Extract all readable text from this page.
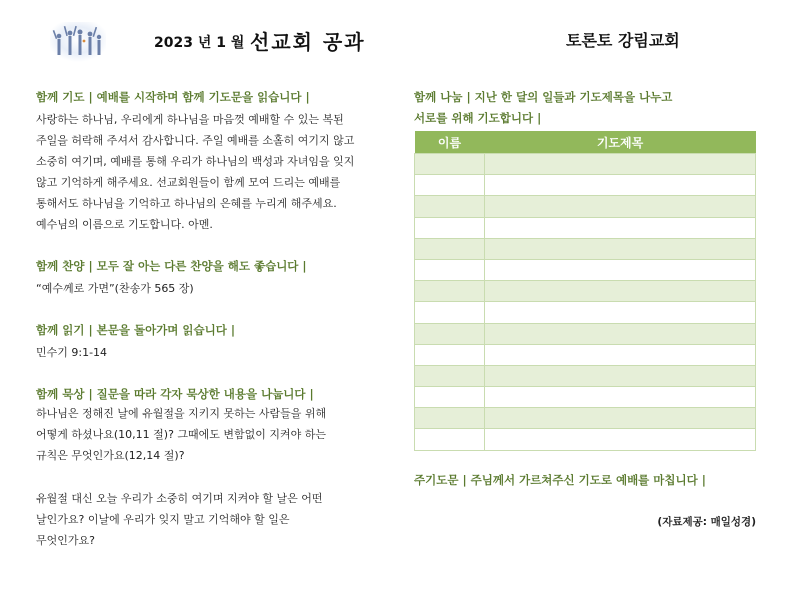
2023 년 1 월 선교회 공과	토론토 강림교회

함께 기도 | 예배를 시작하며 함께 기도문을 읽습니다 |

사랑하는 하나님, 우리에게 하나님을 마음껏 예배할 수 있는 복된

주일을 허락해 주셔서 감사합니다. 주일 예배를 소홀히 여기지 않고

소중히 여기며, 예배를 통해 우리가 하나님의 백성과 자녀임을 잊지

않고 기억하게 해주세요. 선교회원들이 함께 모여 드리는 예배를

통해서도 하나님을 기억하고 하나님의 은혜를 누리게 해주세요.

예수님의 이름으로 기도합니다. 아멘.

함께 찬양 | 모두 잘 아는 다른 찬양을 해도 좋습니다 |

“예수께로 가면”(찬송가 565 장)

함께 읽기 | 본문을 돌아가며 읽습니다 |

민수기 9:1-14

함께 묵상 | 질문을 따라 각자 묵상한 내용을 나눕니다 |

하나님은 정해진 날에 유월절을 지키지 못하는 사람들을 위해

어떻게 하셨나요(10,11 절)? 그때에도 변함없이 지켜야 하는

규칙은 무엇인가요(12,14 절)?

유월절 대신 오늘 우리가 소중히 여기며 지켜야 할 날은 어떤

날인가요? 이날에 우리가 잊지 말고 기억해야 할 일은

무엇인가요?

함께 나눔 | 지난 한 달의 일들과 기도제목을 나누고

서로를 위해 기도합니다 |

이름	기도제목

주기도문 | 주님께서 가르쳐주신 기도로 예배를 마칩니다 |
(자료제공: 매일성경)
